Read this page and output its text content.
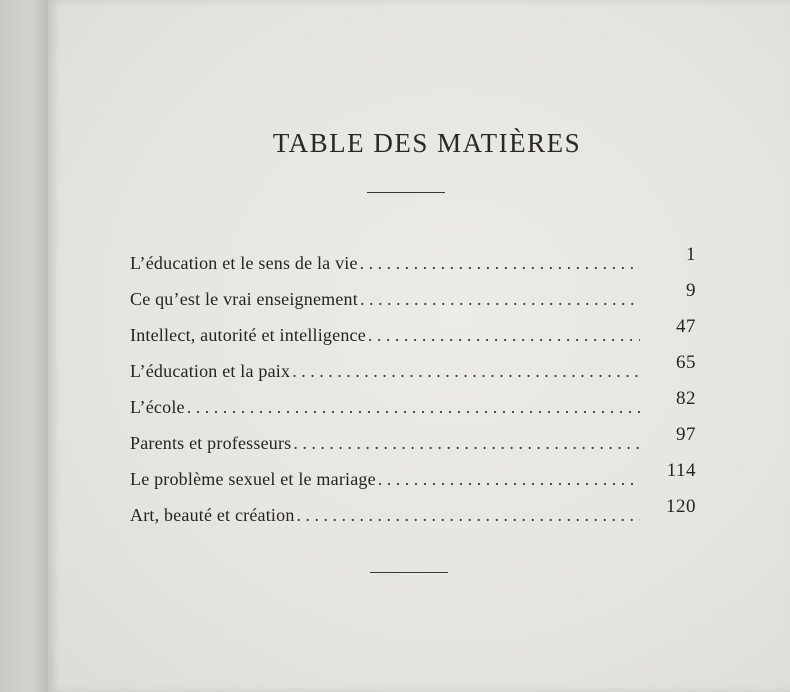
TABLE DES MATIÈRES
L’éducation et le sens de la vie . . .	1
Ce qu’est le vrai enseignement . . .	9
Intellect, autorité et intelligence . . .	47
L’éducation et la paix . . .	65
L’école . . .	82
Parents et professeurs . . .	97
Le problème sexuel et le mariage . . .	114
Art, beauté et création . . .	120
